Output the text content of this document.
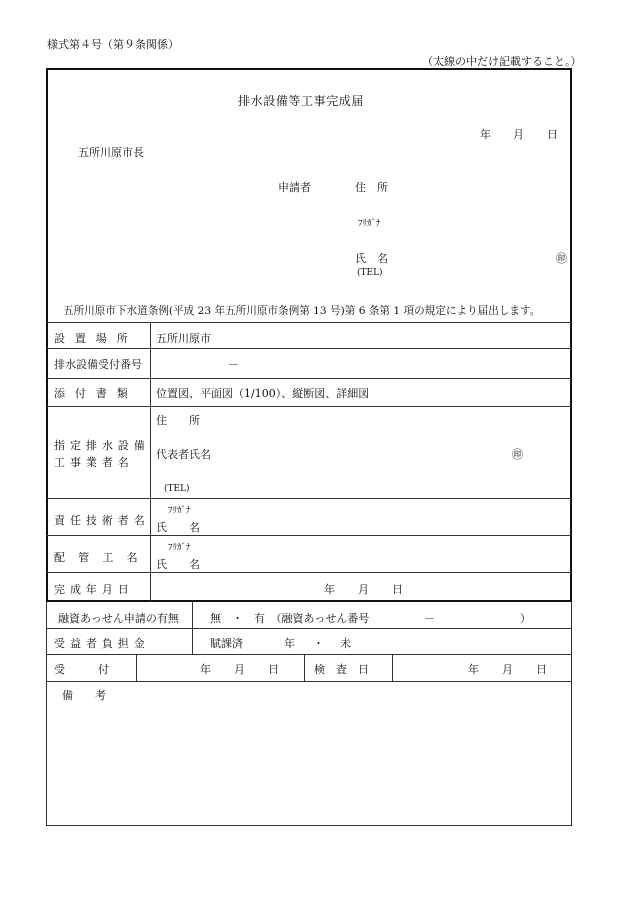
様式第４号（第９条関係）
（太線の中だけ記載すること。）
排水設備等工事完成届
年 月 日
五所川原市長
申請者	住　所
ﾌﾘｶﾞﾅ
氏　名	㊞
(TEL)
五所川原市下水道条例(平成 23 年五所川原市条例第 13 号)第 6 条第 1 項の規定により届出します。
設置場所 五所川原市
排水設備受付番号	－
添付書類 位置図、平面図（1/100）、縦断図、詳細図
指定排水設備
工事業者名
住　　所
代表者氏名	㊞
(TEL)
責任技術者名
ﾌﾘｶﾞﾅ
氏　　名
配管工名
ﾌﾘｶﾞﾅ
氏　　名
完成年月日	年 月 日
融資あっせん申請の有無	無　・　有　（融資あっせん番号	－	）
受益者負担金	賦課済	年 ・ 未
受　　　付	年 月 日	検　査　日	年 月 日
備　　考
